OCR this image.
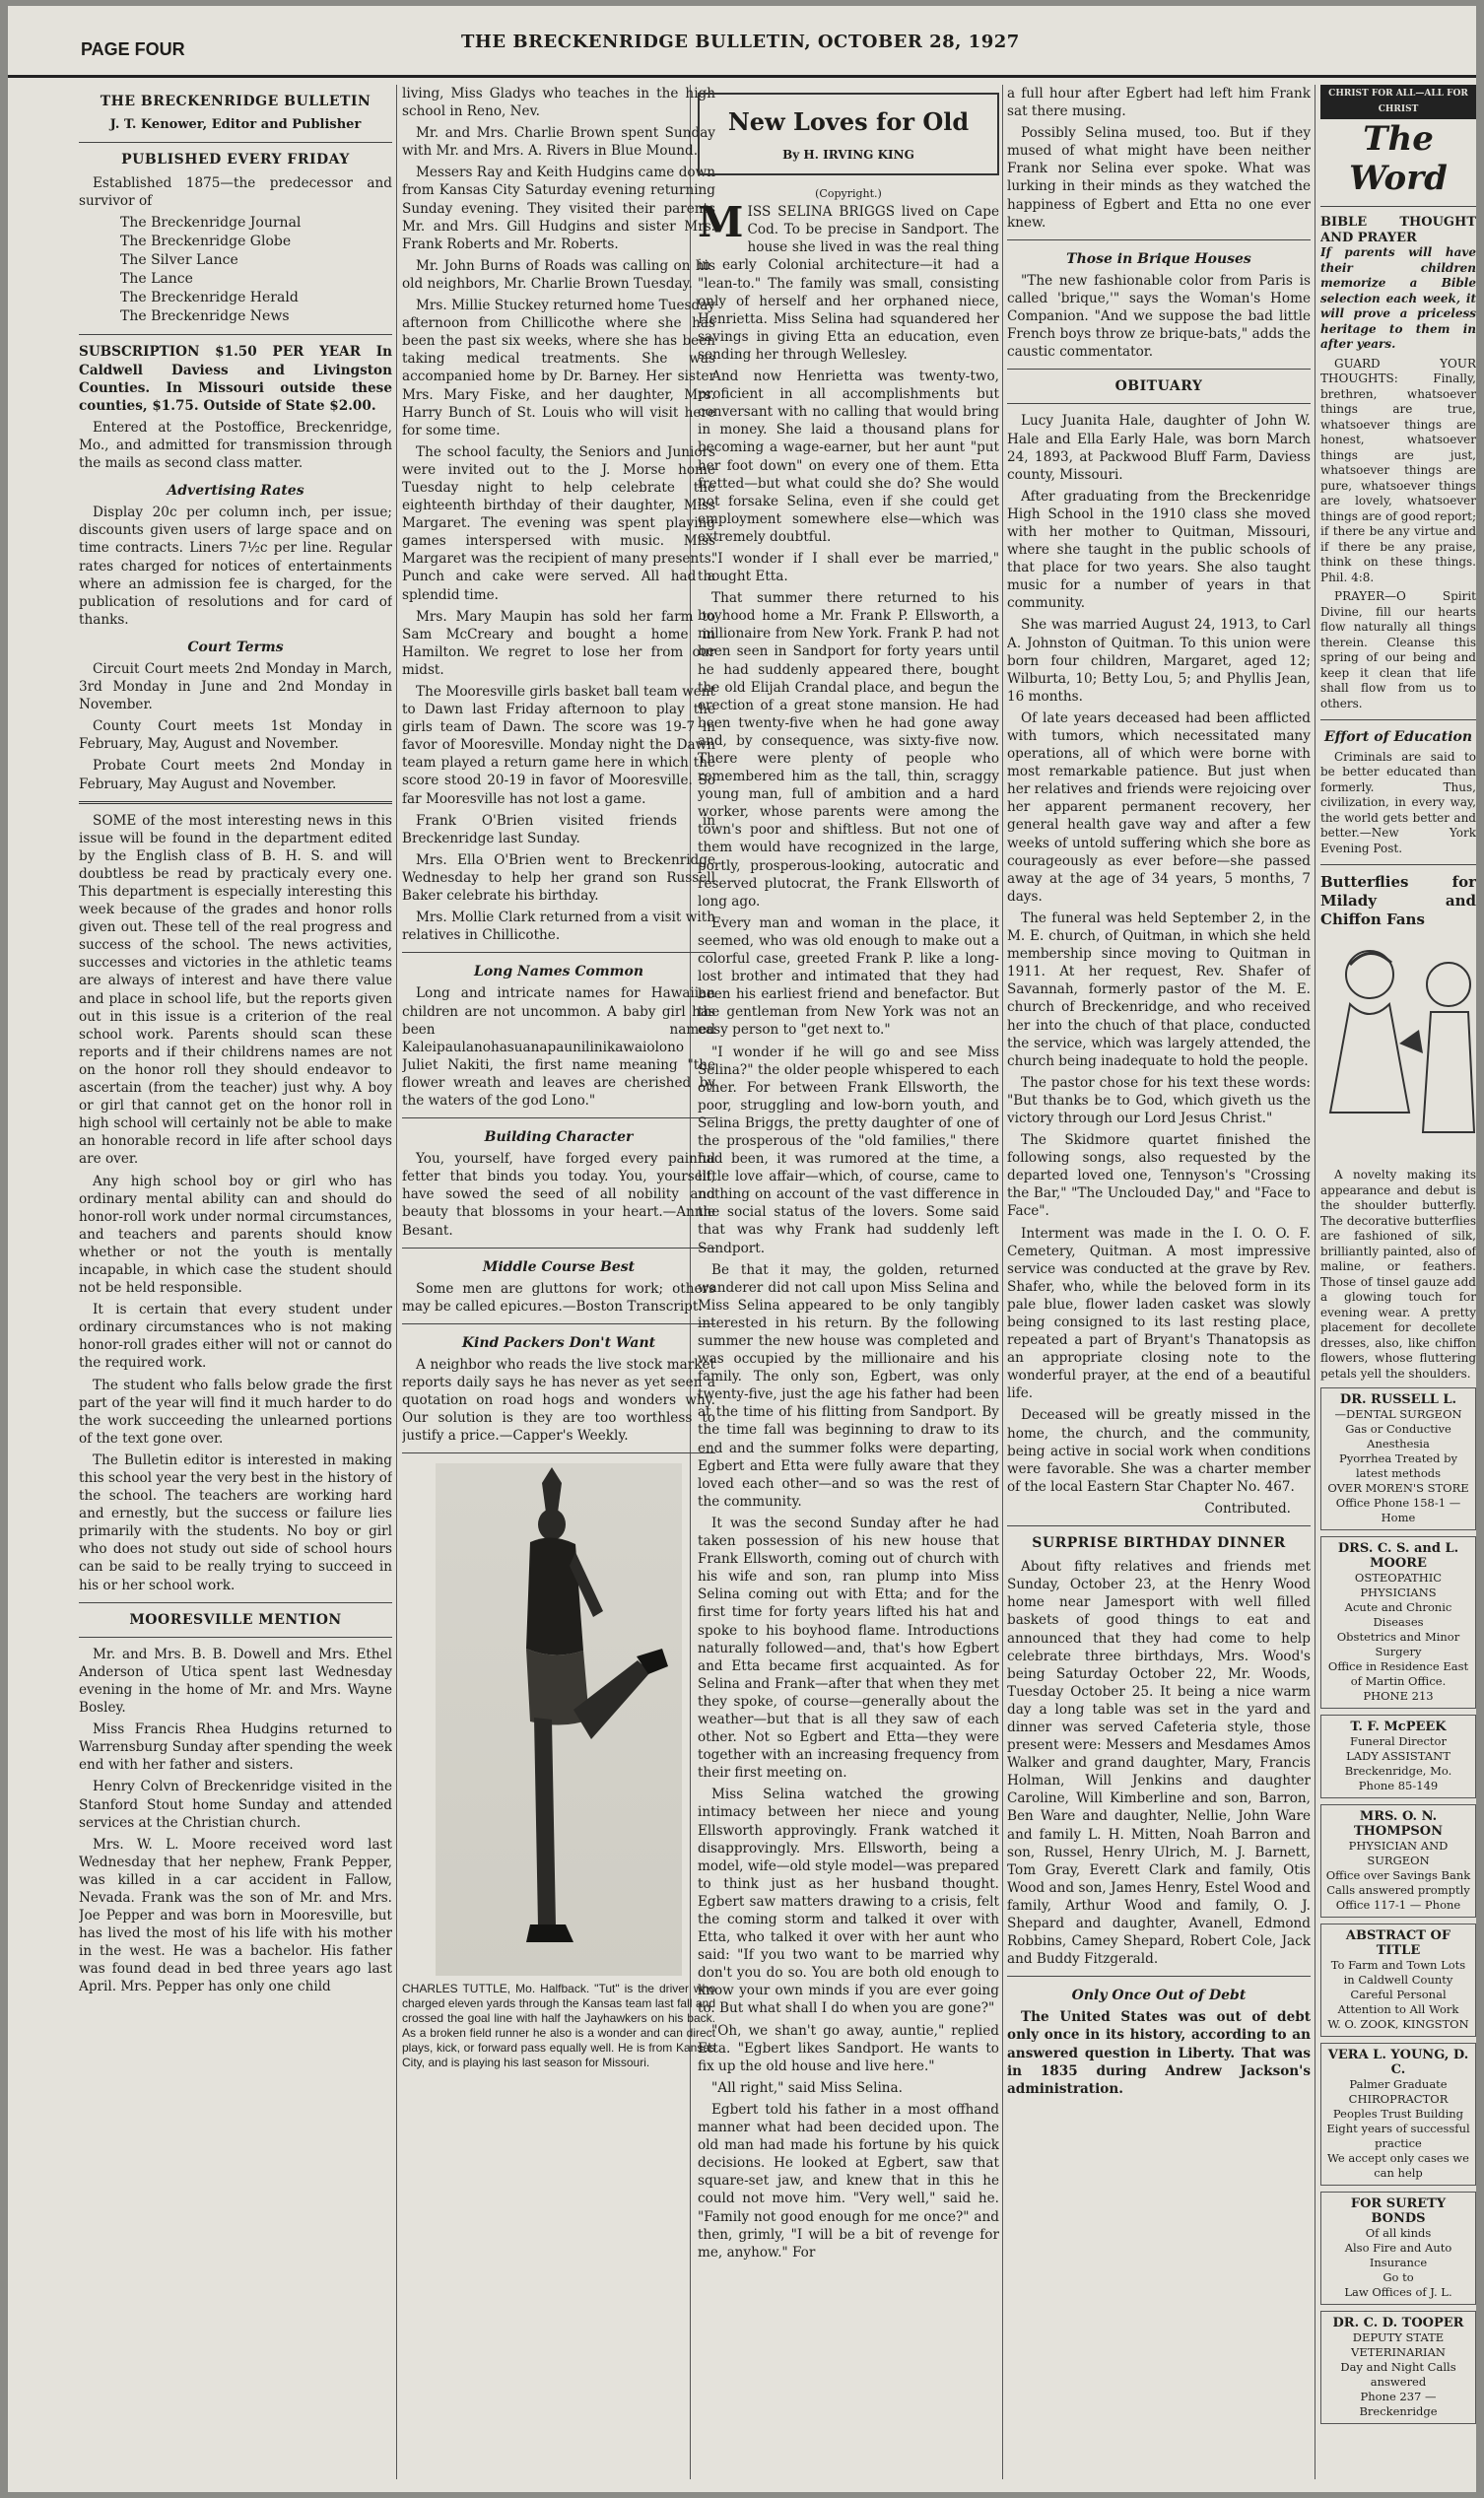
PAGE FOUR	THE BRECKENRIDGE BULLETIN, OCTOBER 28, 1927
THE BRECKENRIDGE BULLETIN
J. T. Kenower, Editor and Publisher
PUBLISHED EVERY FRIDAY

Established 1875—the predecessor and survivor of

The Breckenridge Journal
The Breckenridge Globe
The Silver Lance
The Lance
The Breckenridge Herald
The Breckenridge News

SUBSCRIPTION $1.50 PER YEAR In Caldwell Daviess and Livingston Counties. In Missouri outside these counties, $1.75. Outside of State $2.00.

Entered at the Postoffice, Breckenridge, Mo., and admitted for transmission through the mails as second class matter.

Advertising Rates

Display 20c per column inch, per issue; discounts given users of large space and on time contracts. Liners 7½c per line. Regular rates charged for notices of entertainments where an admission fee is charged, for the publication of resolutions and for card of thanks.

Court Terms

Circuit Court meets 2nd Monday in March, 3rd Monday in June and 2nd Monday in November.

County Court meets 1st Monday in February, May, August and November.

Probate Court meets 2nd Monday in February, May August and November.

SOME of the most interesting news in this issue will be found in the department edited by the English class of B. H. S. and will doubtless be read by practicaly every one. This department is especially interesting this week because of the grades and honor rolls given out. These tell of the real progress and success of the school. The news activities, successes and victories in the athletic teams are always of interest and have there value and place in school life, but the reports given out in this issue is a criterion of the real school work. Parents should scan these reports and if their childrens names are not on the honor roll they should endeavor to ascertain (from the teacher) just why. A boy or girl that cannot get on the honor roll in high school will certainly not be able to make an honorable record in life after school days are over.

Any high school boy or girl who has ordinary mental ability can and should do honor-roll work under normal circumstances, and teachers and parents should know whether or not the youth is mentally incapable, in which case the student should not be held responsible.

It is certain that every student under ordinary circumstances who is not making honor-roll grades either will not or cannot do the required work.

The student who falls below grade the first part of the year will find it much harder to do the work succeeding the unlearned portions of the text gone over.

The Bulletin editor is interested in making this school year the very best in the history of the school. The teachers are working hard and ernestly, but the success or failure lies primarily with the students. No boy or girl who does not study out side of school hours can be said to be really trying to succeed in his or her school work.

MOORESVILLE MENTION

Mr. and Mrs. B. B. Dowell and Mrs. Ethel Anderson of Utica spent last Wednesday evening in the home of Mr. and Mrs. Wayne Bosley.

Miss Francis Rhea Hudgins returned to Warrensburg Sunday after spending the week end with her father and sisters.

Henry Colvn of Breckenridge visited in the Stanford Stout home Sunday and attended services at the Christian church.

Mrs. W. L. Moore received word last Wednesday that her nephew, Frank Pepper, was killed in a car accident in Fallow, Nevada. Frank was the son of Mr. and Mrs. Joe Pepper and was born in Mooresville, but has lived the most of his life with his mother in the west. He was a bachelor. His father was found dead in bed three years ago last April. Mrs. Pepper has only one child

living, Miss Gladys who teaches in the high school in Reno, Nev.

Mr. and Mrs. Charlie Brown spent Sunday with Mr. and Mrs. A. Rivers in Blue Mound.

Messers Ray and Keith Hudgins came down from Kansas City Saturday evening returning Sunday evening. They visited their parents Mr. and Mrs. Gill Hudgins and sister Mrs. Frank Roberts and Mr. Roberts.

Mr. John Burns of Roads was calling on his old neighbors, Mr. Charlie Brown Tuesday.

Mrs. Millie Stuckey returned home Tuesday afternoon from Chillicothe where she has been the past six weeks, where she has been taking medical treatments. She was accompanied home by Dr. Barney. Her sister Mrs. Mary Fiske, and her daughter, Mrs. Harry Bunch of St. Louis who will visit here for some time.

The school faculty, the Seniors and Juniors were invited out to the J. Morse home Tuesday night to help celebrate the eighteenth birthday of their daughter, Miss Margaret. The evening was spent playing games interspersed with music. Miss Margaret was the recipient of many presents. Punch and cake were served. All had a splendid time.

Mrs. Mary Maupin has sold her farm to Sam McCreary and bought a home in Hamilton. We regret to lose her from our midst.

The Mooresville girls basket ball team went to Dawn last Friday afternoon to play the girls team of Dawn. The score was 19-7 in favor of Mooresville. Monday night the Dawn team played a return game here in which the score stood 20-19 in favor of Mooresville. So far Mooresville has not lost a game.

Frank O'Brien visited friends in Breckenridge last Sunday.

Mrs. Ella O'Brien went to Breckenridge Wednesday to help her grand son Russell Baker celebrate his birthday.

Mrs. Mollie Clark returned from a visit with relatives in Chillicothe.

Long Names Common

Long and intricate names for Hawaiian children are not uncommon. A baby girl has been named Kaleipaulanohasuanapaunilinikawaiolono Juliet Nakiti, the first name meaning "the flower wreath and leaves are cherished by the waters of the god Lono."

Building Character

You, yourself, have forged every painful fetter that binds you today. You, yourself, have sowed the seed of all nobility and beauty that blossoms in your heart.—Annie Besant.

Middle Course Best

Some men are gluttons for work; others may be called epicures.—Boston Transcript.

Kind Packers Don't Want

A neighbor who reads the live stock market reports daily says he has never as yet seen a quotation on road hogs and wonders why. Our solution is they are too worthless to justify a price.—Capper's Weekly.

CHARLES TUTTLE, Mo. Halfback. "Tut" is the driver who charged eleven yards through the Kansas team last fall and crossed the goal line with half the Jayhawkers on his back. As a broken field runner he also is a wonder and can direct plays, kick, or forward pass equally well. He is from Kansas City, and is playing his last season for Missouri.
New Loves for Old
By H. IRVING KING
(Copyright.)

MISS SELINA BRIGGS lived on Cape Cod. To be precise in Sandport. The house she lived in was the real thing in early Colonial architecture—it had a "lean-to." The family was small, consisting only of herself and her orphaned niece, Henrietta. Miss Selina had squandered her savings in giving Etta an education, even sending her through Wellesley.

And now Henrietta was twenty-two, proficient in all accomplishments but conversant with no calling that would bring in money. She laid a thousand plans for becoming a wage-earner, but her aunt "put her foot down" on every one of them. Etta fretted—but what could she do? She would not forsake Selina, even if she could get employment somewhere else—which was extremely doubtful.

"I wonder if I shall ever be married," thought Etta.

That summer there returned to his boyhood home a Mr. Frank P. Ellsworth, a millionaire from New York. Frank P. had not been seen in Sandport for forty years until he had suddenly appeared there, bought the old Elijah Crandal place, and begun the erection of a great stone mansion. He had been twenty-five when he had gone away and, by consequence, was sixty-five now. There were plenty of people who remembered him as the tall, thin, scraggy young man, full of ambition and a hard worker, whose parents were among the town's poor and shiftless. But not one of them would have recognized in the large, portly, prosperous-looking, autocratic and reserved plutocrat, the Frank Ellsworth of long ago.

Every man and woman in the place, it seemed, who was old enough to make out a colorful case, greeted Frank P. like a long-lost brother and intimated that they had been his earliest friend and benefactor. But the gentleman from New York was not an easy person to "get next to."

"I wonder if he will go and see Miss Selina?" the older people whispered to each other. For between Frank Ellsworth, the poor, struggling and low-born youth, and Selina Briggs, the pretty daughter of one of the prosperous of the "old families," there had been, it was rumored at the time, a little love affair—which, of course, came to nothing on account of the vast difference in the social status of the lovers. Some said that was why Frank had suddenly left Sandport.

Be that it may, the golden, returned wanderer did not call upon Miss Selina and Miss Selina appeared to be only tangibly interested in his return. By the following summer the new house was completed and was occupied by the millionaire and his family. The only son, Egbert, was only twenty-five, just the age his father had been at the time of his flitting from Sandport. By the time fall was beginning to draw to its end and the summer folks were departing, Egbert and Etta were fully aware that they loved each other—and so was the rest of the community.

It was the second Sunday after he had taken possession of his new house that Frank Ellsworth, coming out of church with his wife and son, ran plump into Miss Selina coming out with Etta; and for the first time for forty years lifted his hat and spoke to his boyhood flame. Introductions naturally followed—and, that's how Egbert and Etta became first acquainted. As for Selina and Frank—after that when they met they spoke, of course—generally about the weather—but that is all they saw of each other. Not so Egbert and Etta—they were together with an increasing frequency from their first meeting on.

Miss Selina watched the growing intimacy between her niece and young Ellsworth approvingly. Frank watched it disapprovingly. Mrs. Ellsworth, being a model, wife—old style model—was prepared to think just as her husband thought. Egbert saw matters drawing to a crisis, felt the coming storm and talked it over with Etta, who talked it over with her aunt who said: "If you two want to be married why don't you do so. You are both old enough to know your own minds if you are ever going to. But what shall I do when you are gone?"

"Oh, we shan't go away, auntie," replied Etta. "Egbert likes Sandport. He wants to fix up the old house and live here."

"All right," said Miss Selina.

Egbert told his father in a most offhand manner what had been decided upon. The old man had made his fortune by his quick decisions. He looked at Egbert, saw that square-set jaw, and knew that in this he could not move him. "Very well," said he. "Family not good enough for me once?" and then, grimly, "I will be a bit of revenge for me, anyhow." For

a full hour after Egbert had left him Frank sat there musing.

Possibly Selina mused, too. But if they mused of what might have been neither Frank nor Selina ever spoke. What was lurking in their minds as they watched the happiness of Egbert and Etta no one ever knew.

Those in Brique Houses

"The new fashionable color from Paris is called 'brique,'" says the Woman's Home Companion. "And we suppose the bad little French boys throw ze brique-bats," adds the caustic commentator.

OBITUARY

Lucy Juanita Hale, daughter of John W. Hale and Ella Early Hale, was born March 24, 1893, at Packwood Bluff Farm, Daviess county, Missouri.

After graduating from the Breckenridge High School in the 1910 class she moved with her mother to Quitman, Missouri, where she taught in the public schools of that place for two years. She also taught music for a number of years in that community.

She was married August 24, 1913, to Carl A. Johnston of Quitman. To this union were born four children, Margaret, aged 12; Wilburta, 10; Betty Lou, 5; and Phyllis Jean, 16 months.

Of late years deceased had been afflicted with tumors, which necessitated many operations, all of which were borne with most remarkable patience. But just when her relatives and friends were rejoicing over her apparent permanent recovery, her general health gave way and after a few weeks of untold suffering which she bore as courageously as ever before—she passed away at the age of 34 years, 5 months, 7 days.

The funeral was held September 2, in the M. E. church, of Quitman, in which she held membership since moving to Quitman in 1911. At her request, Rev. Shafer of Savannah, formerly pastor of the M. E. church of Breckenridge, and who received her into the chuch of that place, conducted the service, which was largely attended, the church being inadequate to hold the people.

The pastor chose for his text these words: "But thanks be to God, which giveth us the victory through our Lord Jesus Christ."

The Skidmore quartet finished the following songs, also requested by the departed loved one, Tennyson's "Crossing the Bar," "The Unclouded Day," and "Face to Face".

Interment was made in the I. O. O. F. Cemetery, Quitman. A most impressive service was conducted at the grave by Rev. Shafer, who, while the beloved form in its pale blue, flower laden casket was slowly being consigned to its last resting place, repeated a part of Bryant's Thanatopsis as an appropriate closing note to the wonderful prayer, at the end of a beautiful life.

Deceased will be greatly missed in the home, the church, and the community, being active in social work when conditions were favorable. She was a charter member of the local Eastern Star Chapter No. 467.

Contributed.
SURPRISE BIRTHDAY DINNER

About fifty relatives and friends met Sunday, October 23, at the Henry Wood home near Jamesport with well filled baskets of good things to eat and announced that they had come to help celebrate three birthdays, Mrs. Wood's being Saturday October 22, Mr. Woods, Tuesday October 25. It being a nice warm day a long table was set in the yard and dinner was served Cafeteria style, those present were: Messers and Mesdames Amos Walker and grand daughter, Mary, Francis Holman, Will Jenkins and daughter Caroline, Will Kimberline and son, Barron, Ben Ware and daughter, Nellie, John Ware and family L. H. Mitten, Noah Barron and son, Russel, Henry Ulrich, M. J. Barnett, Tom Gray, Everett Clark and family, Otis Wood and son, James Henry, Estel Wood and family, Arthur Wood and family, O. J. Shepard and daughter, Avanell, Edmond Robbins, Camey Shepard, Robert Cole, Jack and Buddy Fitzgerald.

Only Once Out of Debt

The United States was out of debt only once in its history, according to an answered question in Liberty. That was in 1835 during Andrew Jackson's administration.

CHRIST FOR ALL—ALL FOR CHRIST
The Word
BIBLE THOUGHT AND PRAYER

If parents will have their children memorize a Bible selection each week, it will prove a priceless heritage to them in after years.

GUARD YOUR THOUGHTS: Finally, brethren, whatsoever things are true, whatsoever things are honest, whatsoever things are just, whatsoever things are pure, whatsoever things are lovely, whatsoever things are of good report; if there be any virtue and if there be any praise, think on these things. Phil. 4:8.

PRAYER—O Spirit Divine, fill our hearts flow naturally all things therein. Cleanse this spring of our being and keep it clean that life shall flow from us to others.

Effort of Education

Criminals are said to be better educated than formerly. Thus, civilization, in every way, the world gets better and better.—New York Evening Post.

Butterflies for Milady and Chiffon Fans

A novelty making its appearance and debut is the shoulder butterfly. The decorative butterflies are fashioned of silk, brilliantly painted, also of maline, or feathers. Those of tinsel gauze add a glowing touch for evening wear. A pretty placement for decollete dresses, also, like chiffon flowers, whose fluttering petals yell the shoulders.

DR. RUSSELL L.
—DENTAL SURGEON
Gas or Conductive Anesthesia
Pyorrhea Treated by latest methods
OVER MOREN'S STORE
Office Phone 158-1 — Home
DRS. C. S. and L. MOORE
OSTEOPATHIC PHYSICIANS
Acute and Chronic Diseases
Obstetrics and Minor Surgery
Office in Residence East of Martin Office.
PHONE 213
T. F. McPEEK
Funeral Director
LADY ASSISTANT
Breckenridge, Mo.
Phone 85-149
MRS. O. N. THOMPSON
PHYSICIAN AND SURGEON
Office over Savings Bank
Calls answered promptly
Office 117-1 — Phone
ABSTRACT OF TITLE
To Farm and Town Lots in Caldwell County
Careful Personal Attention to All Work
W. O. ZOOK, KINGSTON
VERA L. YOUNG, D. C.
Palmer Graduate
CHIROPRACTOR
Peoples Trust Building
Eight years of successful practice
We accept only cases we can help
FOR SURETY BONDS
Of all kinds
Also Fire and Auto Insurance
Go to
Law Offices of J. L.
DR. C. D. TOOPER
DEPUTY STATE VETERINARIAN
Day and Night Calls answered
Phone 237 — Breckenridge
